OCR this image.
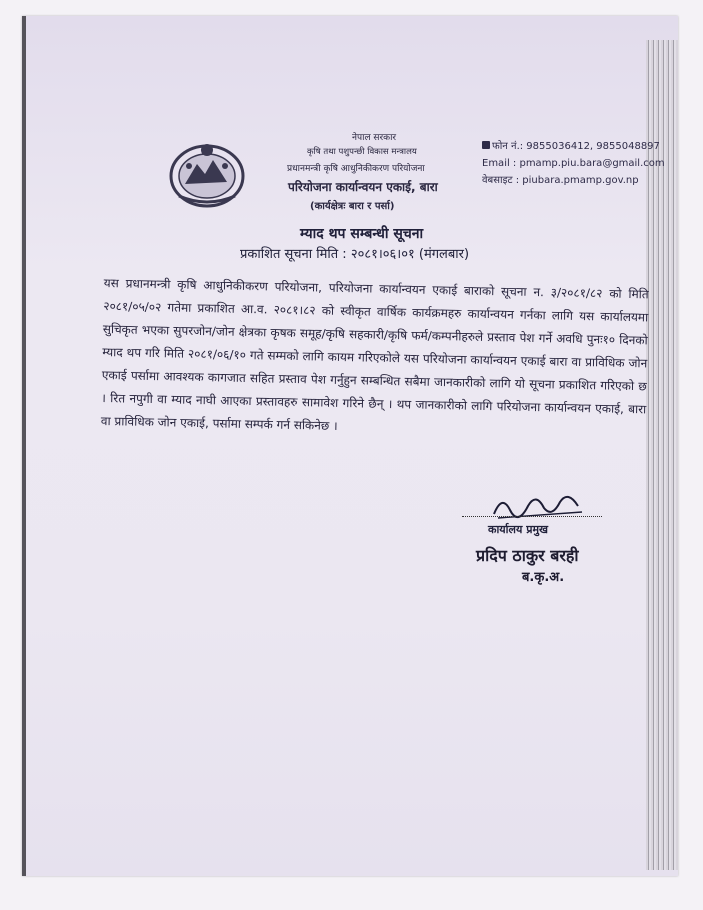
नेपाल सरकार
कृषि तथा पशुपन्छी विकास मन्त्रालय
प्रधानमन्त्री कृषि आधुनिकीकरण परियोजना
परियोजना कार्यान्वयन एकाई, बारा
(कार्यक्षेत्रः बारा र पर्सा)
फोन नं.: 9855036412, 9855048897
Email : pmamp.piu.bara@gmail.com
वेबसाइट : piubara.pmamp.gov.np
म्याद थप सम्बन्धी सूचना
प्रकाशित सूचना मिति : २०८१।०६।०१ (मंगलबार)
यस प्रधानमन्त्री कृषि आधुनिकीकरण परियोजना, परियोजना कार्यान्वयन एकाई बाराको सूचना न. ३/२०८१/८२ को मिति २०८१/०५/०२ गतेमा प्रकाशित आ.व. २०८१।८२ को स्वीकृत वार्षिक कार्यक्रमहरु कार्यान्वयन गर्नका लागि यस कार्यालयमा सुचिकृत भएका सुपरजोन/जोन क्षेत्रका कृषक समूह/कृषि सहकारी/कृषि फर्म/कम्पनीहरुले प्रस्ताव पेश गर्ने अवधि पुनः१० दिनको म्याद थप गरि मिति २०८१/०६/१० गते सम्मको लागि कायम गरिएकोले यस परियोजना कार्यान्वयन एकाई बारा वा प्राविधिक जोन एकाई पर्सामा आवश्यक कागजात सहित प्रस्ताव पेश गर्नुहुन सम्बन्धित सबैमा जानकारीको लागि यो सूचना प्रकाशित गरिएको छ । रित नपुगी वा म्याद नाघी आएका प्रस्तावहरु सामावेश गरिने छैन् । थप जानकारीको लागि परियोजना कार्यान्वयन एकाई, बारा वा प्राविधिक जोन एकाई, पर्सामा सम्पर्क गर्न सकिनेछ ।
कार्यालय प्रमुख
प्रदिप ठाकुर बरही
ब.कृ.अ.
